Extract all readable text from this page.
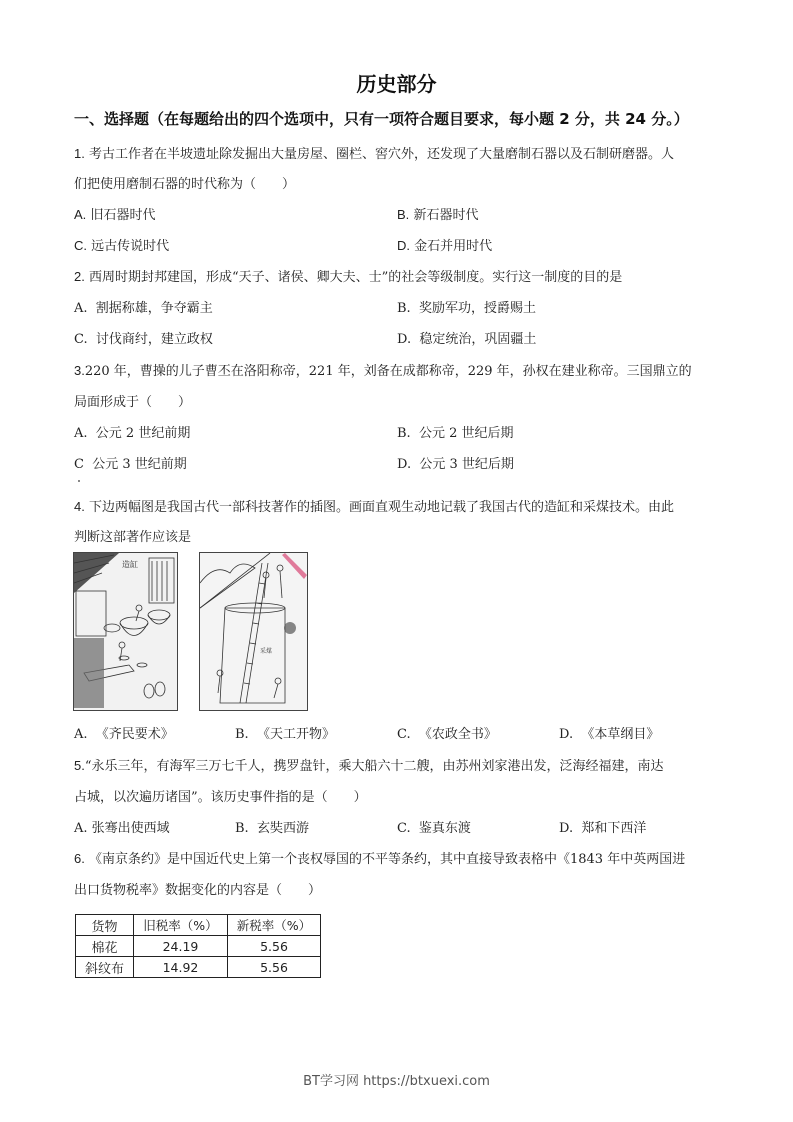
历史部分
一、选择题（在每题给出的四个选项中，只有一项符合题目要求，每小题 2 分，共 24 分。）
1. 考古工作者在半坡遗址除发掘出大量房屋、圈栏、窖穴外，还发现了大量磨制石器以及石制研磨器。人
们把使用磨制石器的时代称为（　　）
A. 旧石器时代	B. 新石器时代
C. 远古传说时代	D. 金石并用时代
2. 西周时期封邦建国，形成“天子、诸侯、卿大夫、士”的社会等级制度。实行这一制度的目的是
A. 割据称雄，争夺霸主	B. 奖励军功，授爵赐土
C. 讨伐商纣，建立政权	D. 稳定统治，巩固疆土
3.220 年，曹操的儿子曹丕在洛阳称帝，221 年，刘备在成都称帝，229 年，孙权在建业称帝。三国鼎立的
局面形成于（　　）
A. 公元 2 世纪前期	B. 公元 2 世纪后期
C 公元 3 世纪前期	D. 公元 3 世纪后期
4. 下边两幅图是我国古代一部科技著作的插图。画面直观生动地记载了我国古代的造缸和采煤技术。由此
判断这部著作应该是
造缸
采煤
A. 《齐民要术》	B. 《天工开物》	C. 《农政全书》	D. 《本草纲目》
5.“永乐三年，有海军三万七千人，携罗盘针，乘大船六十二艘，由苏州刘家港出发，泛海经福建，南达
占城，以次遍历诸国”。该历史事件指的是（　　）
A. 张骞出使西域	B. 玄奘西游	C. 鉴真东渡	D. 郑和下西洋
6. 《南京条约》是中国近代史上第一个丧权辱国的不平等条约，其中直接导致表格中《1843 年中英两国进
出口货物税率》数据变化的内容是（　　）
货物	旧税率（%）	新税率（%）
棉花	24.19	5.56
斜纹布	14.92	5.56
BT学习网 https://btxuexi.com
